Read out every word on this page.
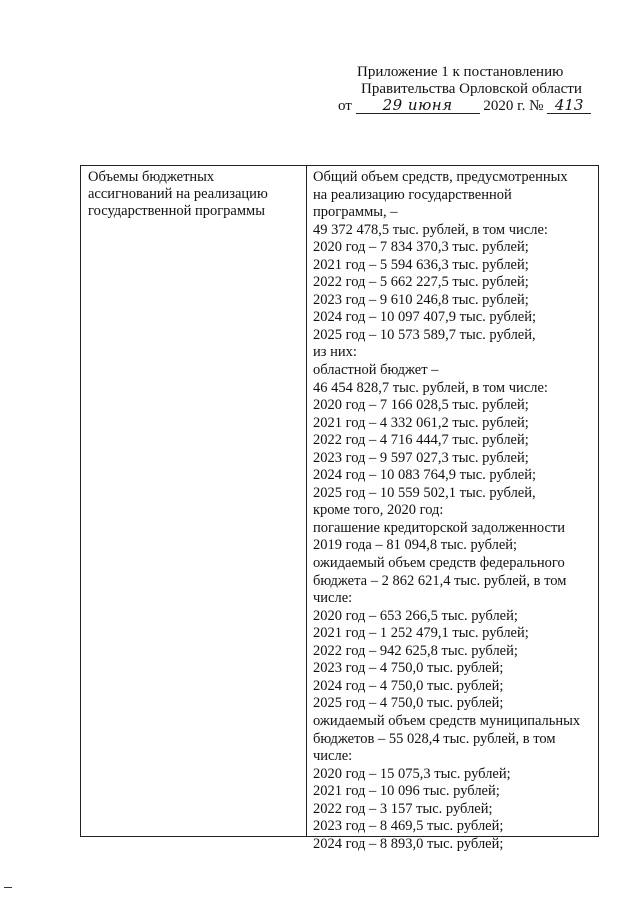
Приложение 1 к постановлению
Правительства Орловской области
от 29 июня 2020 г. № 413
Объемы бюджетных
ассигнований на реализацию
государственной программы
Общий объем средств, предусмотренных
на реализацию государственной
программы, –
49 372 478,5 тыс. рублей, в том числе:
2020 год – 7 834 370,3 тыс. рублей;
2021 год – 5 594 636,3 тыс. рублей;
2022 год – 5 662 227,5 тыс. рублей;
2023 год – 9 610 246,8 тыс. рублей;
2024 год – 10 097 407,9 тыс. рублей;
2025 год – 10 573 589,7 тыс. рублей,
из них:
областной бюджет –
46 454 828,7 тыс. рублей, в том числе:
2020 год – 7 166 028,5 тыс. рублей;
2021 год – 4 332 061,2 тыс. рублей;
2022 год – 4 716 444,7 тыс. рублей;
2023 год – 9 597 027,3 тыс. рублей;
2024 год – 10 083 764,9 тыс. рублей;
2025 год – 10 559 502,1 тыс. рублей,
кроме того, 2020 год:
погашение кредиторской задолженности
2019 года – 81 094,8 тыс. рублей;
ожидаемый объем средств федерального
бюджета – 2 862 621,4 тыс. рублей, в том
числе:
2020 год – 653 266,5 тыс. рублей;
2021 год – 1 252 479,1 тыс. рублей;
2022 год – 942 625,8 тыс. рублей;
2023 год – 4 750,0 тыс. рублей;
2024 год – 4 750,0 тыс. рублей;
2025 год – 4 750,0 тыс. рублей;
ожидаемый объем средств муниципальных
бюджетов – 55 028,4 тыс. рублей, в том
числе:
2020 год – 15 075,3 тыс. рублей;
2021 год – 10 096 тыс. рублей;
2022 год – 3 157 тыс. рублей;
2023 год – 8 469,5 тыс. рублей;
2024 год – 8 893,0 тыс. рублей;
